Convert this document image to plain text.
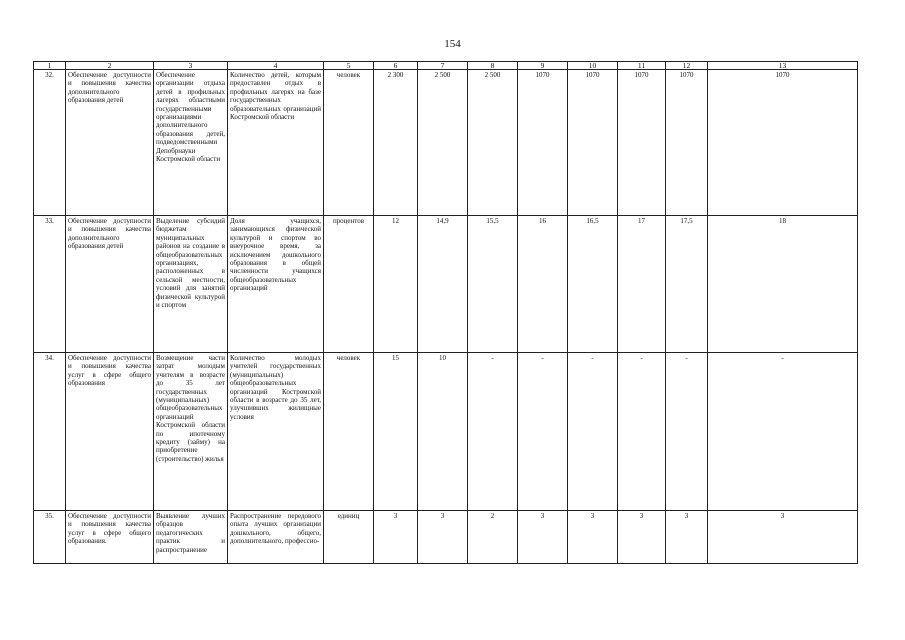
154
1	2	3	4	5	6	7	8	9	10	11	12	13	
32.	Обеспечение доступности и повышения качества дополнительного образования детей	Обеспечение организации отдыха детей в профильных лагерях областными государственными организациями дополнительного образования детей, подведомственными Депобрнауки Костромской области	Количество детей, которым предоставлен отдых в профильных лагерях на базе государственных образовательных организаций Костромской области	человек	2 300	2 500	2 500	1070	1070	1070	1070	1070	
33.	Обеспечение доступности и повышения качества дополнительного образования детей	Выделение субсидий бюджетам муниципальных районов на создание в общеобразовательных организациях, расположенных в сельской местности, условий для занятий физической культурой и спортом	Доля учащихся, занимающихся физической культурой и спортом во внеурочное время, за исключением дошкольного образования в общей численности учащихся общеобразовательных организаций	процентов	12	14,9	15,5	16	16,5	17	17,5	18	
34.	Обеспечение доступности и повышения качества услуг в сфере общего образования	Возмещение части затрат молодым учителям в возрасте до 35 лет государственных (муниципальных) общеобразовательных организаций Костромской области по ипотечному кредиту (займу) на приобретение (строительство) жилья	Количество молодых учителей государственных (муниципальных) общеобразовательных организаций Костромской области в возрасте до 35 лет, улучшивших жилищные условия	человек	15	10	-	-	-	-	-	-	
35.	Обеспечение доступности и повышения качества услуг в сфере общего образования.	Выявление лучших образцов педагогических практик и распространение	Распространение передового опыта лучших организации дошкольного, общего, дополнительного, профессио-	единиц	3	3	2	3	3	3	3	3	
